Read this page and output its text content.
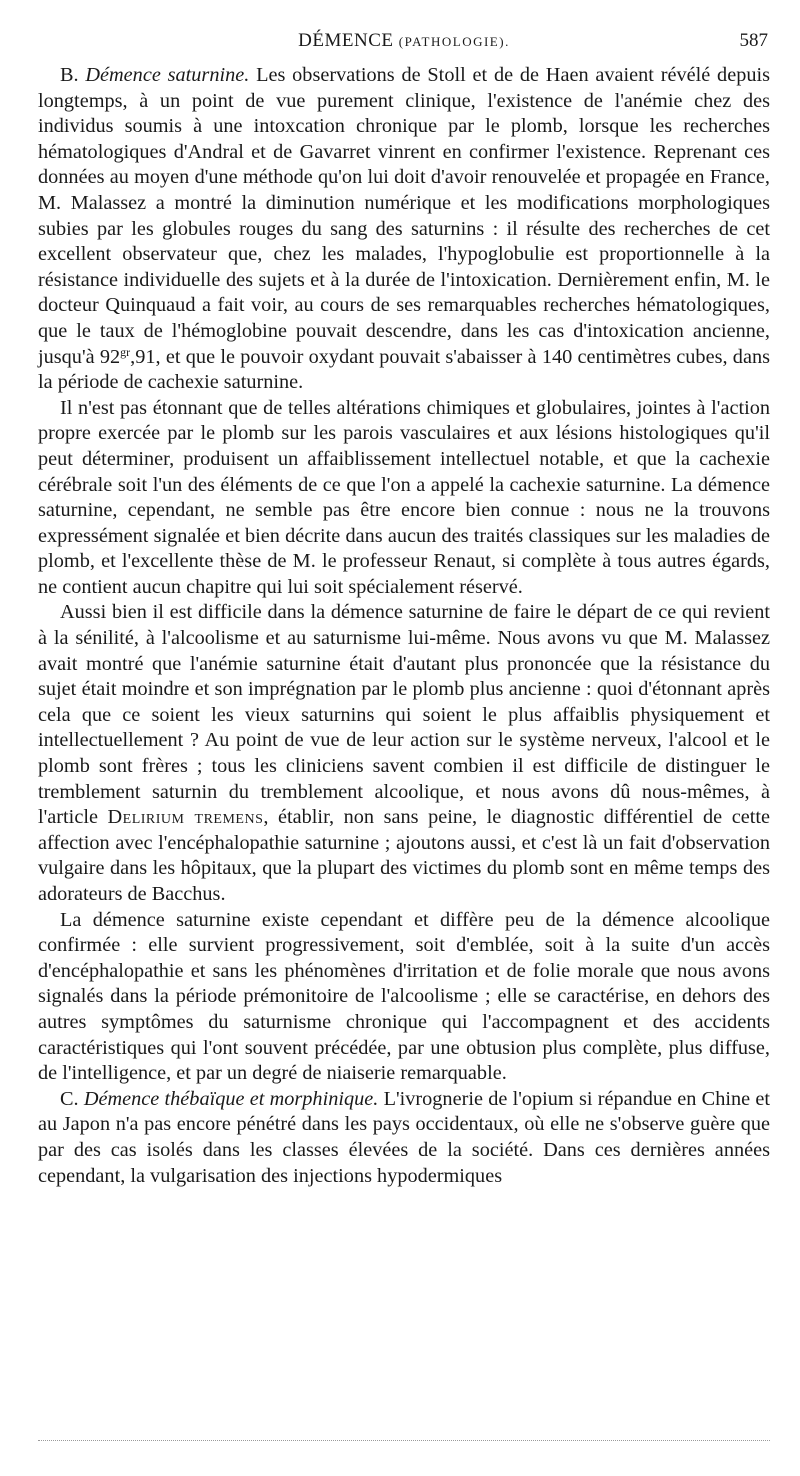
DÉMENCE (PATHOLOGIE).	587

B. Démence saturnine. Les observations de Stoll et de de Haen avaient révélé depuis longtemps, à un point de vue purement clinique, l'existence de l'anémie chez des individus soumis à une intoxcation chronique par le plomb, lorsque les recherches hématologiques d'Andral et de Gavarret vinrent en confirmer l'existence. Reprenant ces données au moyen d'une méthode qu'on lui doit d'avoir renouvelée et propagée en France, M. Malassez a montré la diminution numérique et les modifications morphologiques subies par les globules rouges du sang des saturnins : il résulte des recherches de cet excellent observateur que, chez les malades, l'hypoglobulie est proportionnelle à la résistance individuelle des sujets et à la durée de l'intoxication. Dernièrement enfin, M. le docteur Quinquaud a fait voir, au cours de ses remarquables recherches hématologiques, que le taux de l'hémoglobine pouvait descendre, dans les cas d'intoxication ancienne, jusqu'à $92^{gr},91$, et que le pouvoir oxydant pouvait s'abaisser à 140 centimètres cubes, dans la période de cachexie saturnine.

Il n'est pas étonnant que de telles altérations chimiques et globulaires, jointes à l'action propre exercée par le plomb sur les parois vasculaires et aux lésions histologiques qu'il peut déterminer, produisent un affaiblissement intellectuel notable, et que la cachexie cérébrale soit l'un des éléments de ce que l'on a appelé la cachexie saturnine. La démence saturnine, cependant, ne semble pas être encore bien connue : nous ne la trouvons expressément signalée et bien décrite dans aucun des traités classiques sur les maladies de plomb, et l'excellente thèse de M. le professeur Renaut, si complète à tous autres égards, ne contient aucun chapitre qui lui soit spécialement réservé.

Aussi bien il est difficile dans la démence saturnine de faire le départ de ce qui revient à la sénilité, à l'alcoolisme et au saturnisme lui-même. Nous avons vu que M. Malassez avait montré que l'anémie saturnine était d'autant plus prononcée que la résistance du sujet était moindre et son imprégnation par le plomb plus ancienne : quoi d'étonnant après cela que ce soient les vieux saturnins qui soient le plus affaiblis physiquement et intellectuellement ? Au point de vue de leur action sur le système nerveux, l'alcool et le plomb sont frères ; tous les cliniciens savent combien il est difficile de distinguer le tremblement saturnin du tremblement alcoolique, et nous avons dû nous-mêmes, à l'article Delirium tremens, établir, non sans peine, le diagnostic différentiel de cette affection avec l'encéphalopathie saturnine ; ajoutons aussi, et c'est là un fait d'observation vulgaire dans les hôpitaux, que la plupart des victimes du plomb sont en même temps des adorateurs de Bacchus.

La démence saturnine existe cependant et diffère peu de la démence alcoolique confirmée : elle survient progressivement, soit d'emblée, soit à la suite d'un accès d'encéphalopathie et sans les phénomènes d'irritation et de folie morale que nous avons signalés dans la période prémonitoire de l'alcoolisme ; elle se caractérise, en dehors des autres symptômes du saturnisme chronique qui l'accompagnent et des accidents caractéristiques qui l'ont souvent précédée, par une obtusion plus complète, plus diffuse, de l'intelligence, et par un degré de niaiserie remarquable.

C. Démence thébaïque et morphinique. L'ivrognerie de l'opium si répandue en Chine et au Japon n'a pas encore pénétré dans les pays occidentaux, où elle ne s'observe guère que par des cas isolés dans les classes élevées de la société. Dans ces dernières années cependant, la vulgarisation des injections hypodermiques
